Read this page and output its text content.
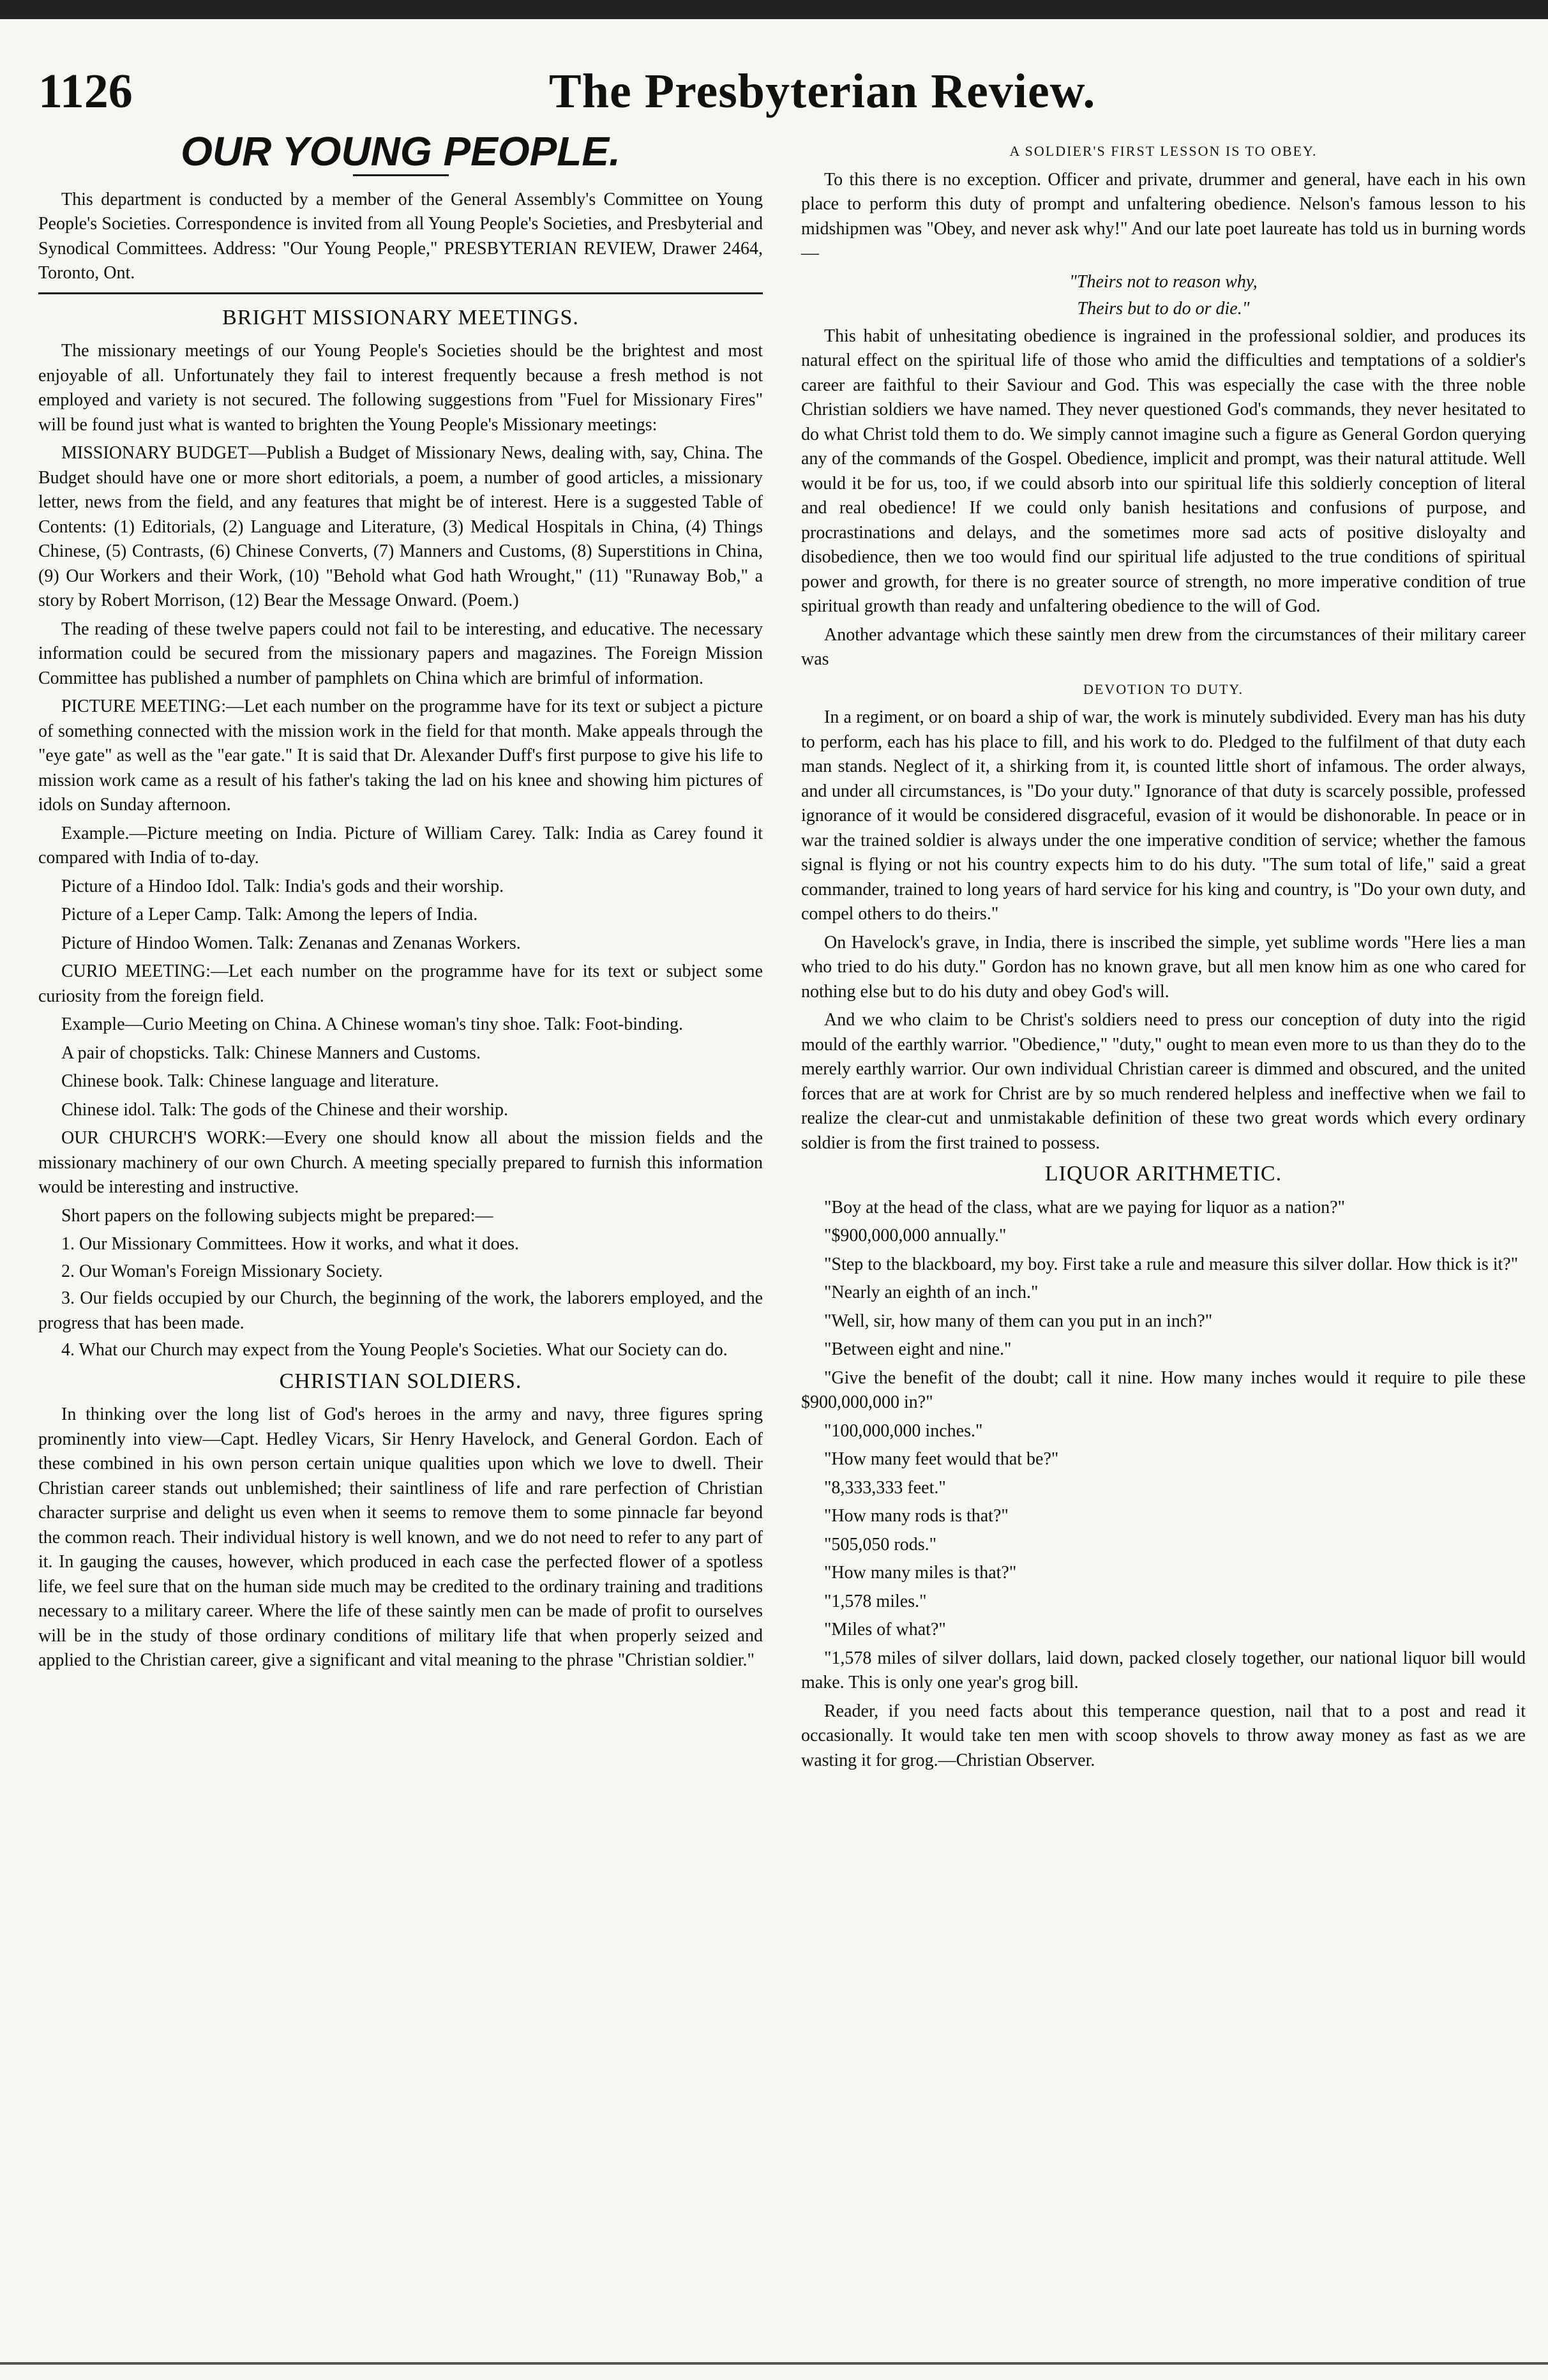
1126	The Presbyterian Review.
OUR YOUNG PEOPLE.

This department is conducted by a member of the General Assembly's Committee on Young People's Societies. Correspondence is invited from all Young People's Societies, and Presbyterial and Synodical Committees. Address: "Our Young People," PRESBYTERIAN REVIEW, Drawer 2464, Toronto, Ont.

BRIGHT MISSIONARY MEETINGS.

The missionary meetings of our Young People's Societies should be the brightest and most enjoyable of all. Unfortunately they fail to interest frequently because a fresh method is not employed and variety is not secured. The following suggestions from "Fuel for Missionary Fires" will be found just what is wanted to brighten the Young People's Missionary meetings:

MISSIONARY BUDGET—Publish a Budget of Missionary News, dealing with, say, China. The Budget should have one or more short editorials, a poem, a number of good articles, a missionary letter, news from the field, and any features that might be of interest. Here is a suggested Table of Contents: (1) Editorials, (2) Language and Literature, (3) Medical Hospitals in China, (4) Things Chinese, (5) Contrasts, (6) Chinese Converts, (7) Manners and Customs, (8) Superstitions in China, (9) Our Workers and their Work, (10) "Behold what God hath Wrought," (11) "Runaway Bob," a story by Robert Morrison, (12) Bear the Message Onward. (Poem.)

The reading of these twelve papers could not fail to be interesting, and educative. The necessary information could be secured from the missionary papers and magazines. The Foreign Mission Committee has published a number of pamphlets on China which are brimful of information.

PICTURE MEETING:—Let each number on the programme have for its text or subject a picture of something connected with the mission work in the field for that month. Make appeals through the "eye gate" as well as the "ear gate." It is said that Dr. Alexander Duff's first purpose to give his life to mission work came as a result of his father's taking the lad on his knee and showing him pictures of idols on Sunday afternoon.

Example.—Picture meeting on India. Picture of William Carey. Talk: India as Carey found it compared with India of to-day.

Picture of a Hindoo Idol. Talk: India's gods and their worship.

Picture of a Leper Camp. Talk: Among the lepers of India.

Picture of Hindoo Women. Talk: Zenanas and Zenanas Workers.

CURIO MEETING:—Let each number on the programme have for its text or subject some curiosity from the foreign field.

Example—Curio Meeting on China. A Chinese woman's tiny shoe. Talk: Foot-binding.

A pair of chopsticks. Talk: Chinese Manners and Customs.

Chinese book. Talk: Chinese language and literature.

Chinese idol. Talk: The gods of the Chinese and their worship.

OUR CHURCH'S WORK:—Every one should know all about the mission fields and the missionary machinery of our own Church. A meeting specially prepared to furnish this information would be interesting and instructive.

Short papers on the following subjects might be prepared:—

1. Our Missionary Committees. How it works, and what it does.
2. Our Woman's Foreign Missionary Society.
3. Our fields occupied by our Church, the beginning of the work, the laborers employed, and the progress that has been made.
4. What our Church may expect from the Young People's Societies. What our Society can do.
CHRISTIAN SOLDIERS.

In thinking over the long list of God's heroes in the army and navy, three figures spring prominently into view—Capt. Hedley Vicars, Sir Henry Havelock, and General Gordon. Each of these combined in his own person certain unique qualities upon which we love to dwell. Their Christian career stands out unblemished; their saintliness of life and rare perfection of Christian character surprise and delight us even when it seems to remove them to some pinnacle far beyond the common reach. Their individual history is well known, and we do not need to refer to any part of it. In gauging the causes, however, which produced in each case the perfected flower of a spotless life, we feel sure that on the human side much may be credited to the ordinary training and traditions necessary to a military career. Where the life of these saintly men can be made of profit to ourselves will be in the study of those ordinary conditions of military life that when properly seized and applied to the Christian career, give a significant and vital meaning to the phrase "Christian soldier."

A SOLDIER'S FIRST LESSON IS TO OBEY.

To this there is no exception. Officer and private, drummer and general, have each in his own place to perform this duty of prompt and unfaltering obedience. Nelson's famous lesson to his midshipmen was "Obey, and never ask why!" And our late poet laureate has told us in burning words—

"Theirs not to reason why,
Theirs but to do or die."

This habit of unhesitating obedience is ingrained in the professional soldier, and produces its natural effect on the spiritual life of those who amid the difficulties and temptations of a soldier's career are faithful to their Saviour and God. This was especially the case with the three noble Christian soldiers we have named. They never questioned God's commands, they never hesitated to do what Christ told them to do. We simply cannot imagine such a figure as General Gordon querying any of the commands of the Gospel. Obedience, implicit and prompt, was their natural attitude. Well would it be for us, too, if we could absorb into our spiritual life this soldierly conception of literal and real obedience! If we could only banish hesitations and confusions of purpose, and procrastinations and delays, and the sometimes more sad acts of positive disloyalty and disobedience, then we too would find our spiritual life adjusted to the true conditions of spiritual power and growth, for there is no greater source of strength, no more imperative condition of true spiritual growth than ready and unfaltering obedience to the will of God.

Another advantage which these saintly men drew from the circumstances of their military career was

DEVOTION TO DUTY.

In a regiment, or on board a ship of war, the work is minutely subdivided. Every man has his duty to perform, each has his place to fill, and his work to do. Pledged to the fulfilment of that duty each man stands. Neglect of it, a shirking from it, is counted little short of infamous. The order always, and under all circumstances, is "Do your duty." Ignorance of that duty is scarcely possible, professed ignorance of it would be considered disgraceful, evasion of it would be dishonorable. In peace or in war the trained soldier is always under the one imperative condition of service; whether the famous signal is flying or not his country expects him to do his duty. "The sum total of life," said a great commander, trained to long years of hard service for his king and country, is "Do your own duty, and compel others to do theirs."

On Havelock's grave, in India, there is inscribed the simple, yet sublime words "Here lies a man who tried to do his duty." Gordon has no known grave, but all men know him as one who cared for nothing else but to do his duty and obey God's will.

And we who claim to be Christ's soldiers need to press our conception of duty into the rigid mould of the earthly warrior. "Obedience," "duty," ought to mean even more to us than they do to the merely earthly warrior. Our own individual Christian career is dimmed and obscured, and the united forces that are at work for Christ are by so much rendered helpless and ineffective when we fail to realize the clear-cut and unmistakable definition of these two great words which every ordinary soldier is from the first trained to possess.

LIQUOR ARITHMETIC.

"Boy at the head of the class, what are we paying for liquor as a nation?"

"$900,000,000 annually."

"Step to the blackboard, my boy. First take a rule and measure this silver dollar. How thick is it?"

"Nearly an eighth of an inch."

"Well, sir, how many of them can you put in an inch?"

"Between eight and nine."

"Give the benefit of the doubt; call it nine. How many inches would it require to pile these $900,000,000 in?"

"100,000,000 inches."

"How many feet would that be?"

"8,333,333 feet."

"How many rods is that?"

"505,050 rods."

"How many miles is that?"

"1,578 miles."

"Miles of what?"

"1,578 miles of silver dollars, laid down, packed closely together, our national liquor bill would make. This is only one year's grog bill.

Reader, if you need facts about this temperance question, nail that to a post and read it occasionally. It would take ten men with scoop shovels to throw away money as fast as we are wasting it for grog.—Christian Observer.
